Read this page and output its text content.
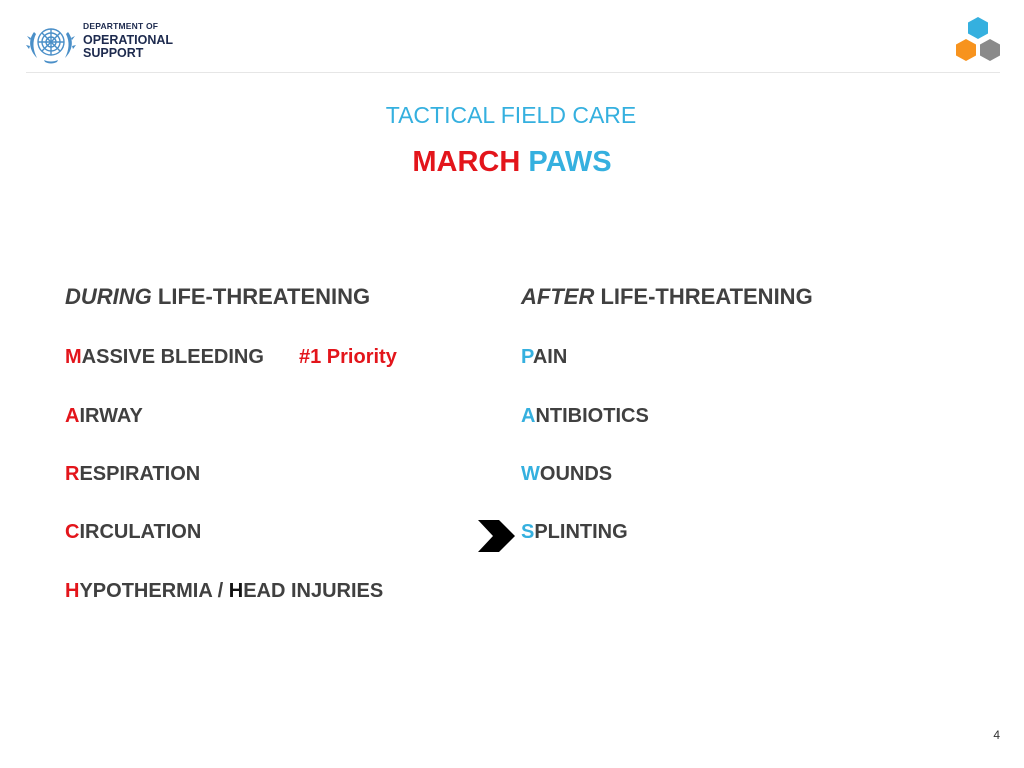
DEPARTMENT OF
OPERATIONAL
SUPPORT
TACTICAL FIELD CARE
MARCH PAWS
DURING LIFE-THREATENING
MASSIVE BLEEDING #1 Priority
AIRWAY
RESPIRATION
CIRCULATION
HYPOTHERMIA / HEAD INJURIES
AFTER LIFE-THREATENING
PAIN
ANTIBIOTICS
WOUNDS
SPLINTING
4
